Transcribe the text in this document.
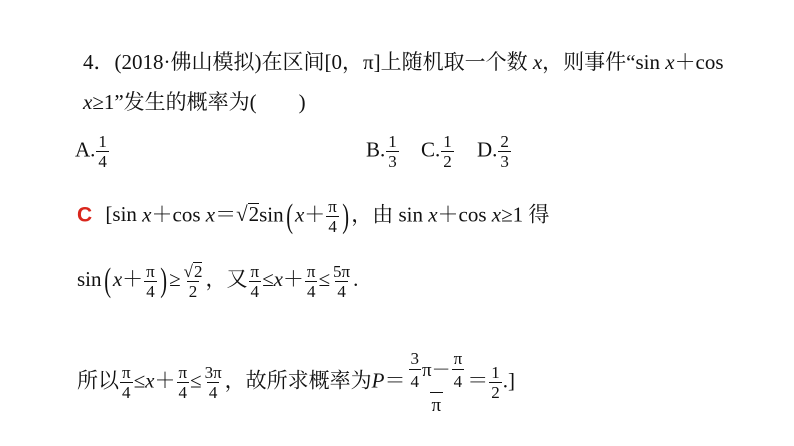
4．(2018·佛山模拟)在区间[0，π]上随机取一个数 x，则事件“sin x＋cos
x≥1”发生的概率为(　　)
A. $\frac{1}{4}$	B. $\frac{1}{3} C$. $\frac{1}{2} D$. $\frac{2}{3}$
C [sin x＋cos x＝√2sin( $x+ \frac{\pi}{4}$ ) ，由 sin x＋cos x≥1 得
sin( $x+ \frac{\pi}{4}$ ) ≥ $\frac{√2}{2}$ ，又 $\frac{\pi}{4} \le x+ \frac{\pi}{4} \le \frac{5\pi}{4}$ .
所以 $\frac{\pi}{4} \le x+ \frac{\pi}{4} \le \frac{3\pi}{4}$ ，故所求概率为$P= \frac{\frac{3}{4} \pi - \frac{\pi}{4}}{\pi} = \frac{1}{2}$ .]
